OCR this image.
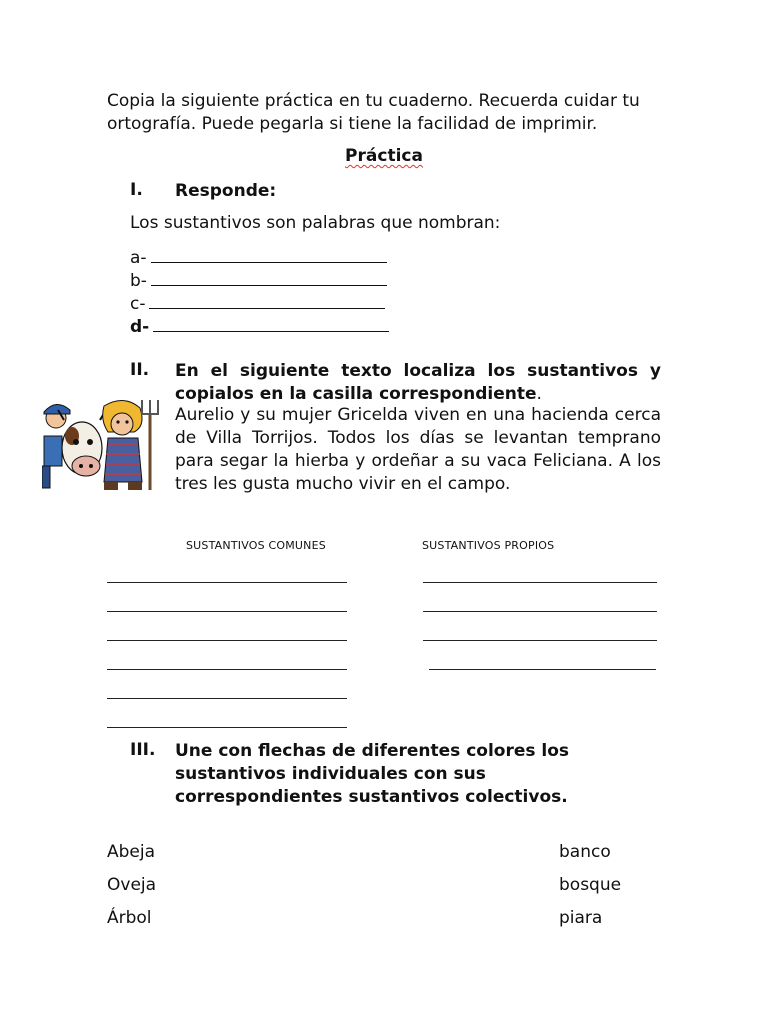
Copia la siguiente práctica en tu cuaderno. Recuerda cuidar tu ortografía. Puede pegarla si tiene la facilidad de imprimir.
Práctica
I. Responde:
Los sustantivos son palabras que nombran:
a-
b-
c-
d-
II. En el siguiente texto localiza los sustantivos y copialos en la casilla correspondiente.
Aurelio y su mujer Gricelda viven en una hacienda cerca de Villa Torrijos. Todos los días se levantan temprano para segar la hierba y ordeñar a su vaca Feliciana. A los tres les gusta mucho vivir en el campo.
SUSTANTIVOS COMUNES	SUSTANTIVOS PROPIOS
III. Une con flechas de diferentes colores los sustantivos individuales con sus correspondientes sustantivos colectivos.
Abeja
Oveja
Árbol
banco
bosque
piara
